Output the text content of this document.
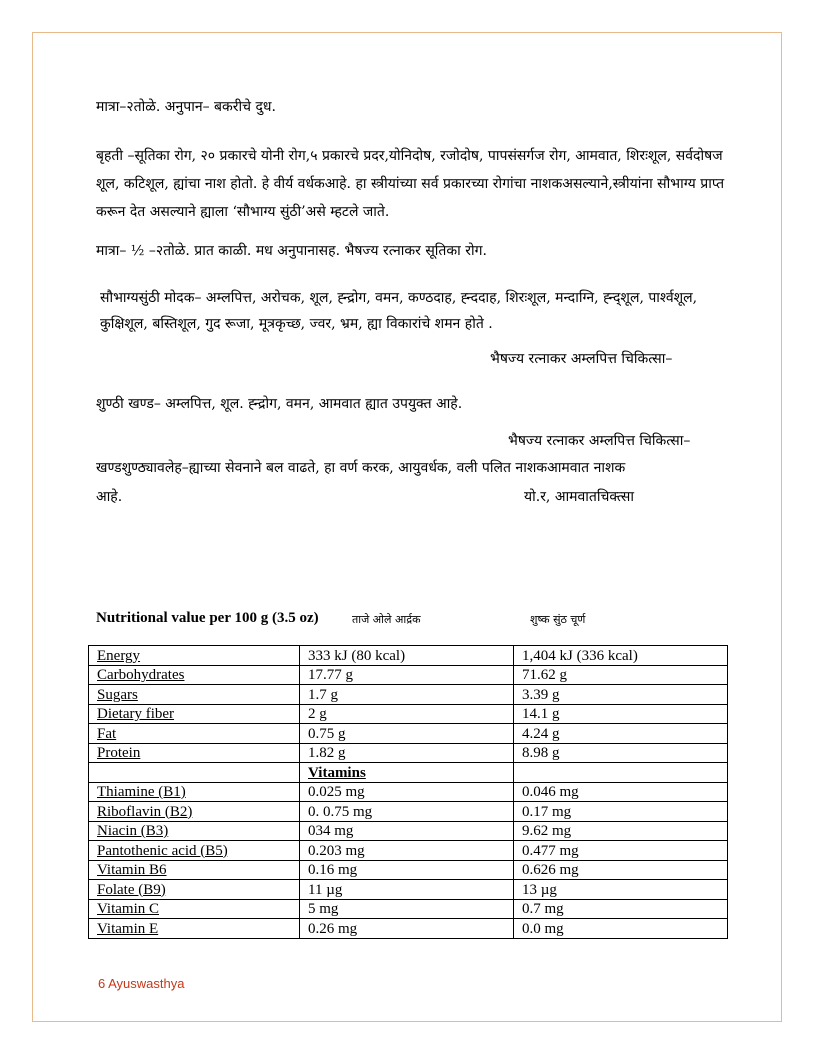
मात्रा–२तोळे. अनुपान– बकरीचे दुध.

बृहती –सूतिका रोग, २० प्रकारचे योनी रोग,५ प्रकारचे प्रदर,योनिदोष, रजोदोष, पापसंसर्गज रोग, आमवात, शिरःशूल, सर्वदोषज शूल, कटिशूल, ह्यांचा नाश होतो. हे वीर्य वर्धकआहे. हा स्त्रीयांच्या सर्व प्रकारच्या रोगांचा नाशकअसल्याने,स्त्रीयांना सौभाग्य प्राप्त करून देत असल्याने ह्याला ‘सौभाग्य सुंठी’असे म्हटले जाते.

मात्रा– ½ –२तोळे. प्रात काळी. मध अनुपानासह. भैषज्य रत्नाकर सूतिका रोग.

सौभाग्यसुंठी मोदक– अम्लपित्त, अरोचक, शूल, ह्न्द्रोग, वमन, कण्ठदाह, ह्न्ददाह, शिरःशूल, मन्दाग्नि, ह्न्द्शूल, पार्श्वशूल, कुक्षिशूल, बस्तिशूल, गुद रूजा, मूत्रकृच्छ, ज्वर, भ्रम, ह्या विकारांचे शमन होते .

भैषज्य रत्नाकर अम्लपित्त चिकित्सा–
शुण्ठी खण्ड– अम्लपित्त, शूल. ह्न्द्रोग, वमन, आमवात ह्यात उपयुक्त आहे.
भैषज्य रत्नाकर अम्लपित्त चिकित्सा–
खण्डशुण्ठ्यावलेह–ह्याच्या सेवनाने बल वाढते, हा वर्ण करक, आयुवर्धक, वली पलित नाशकआमवात नाशक
आहे.	यो.र, आमवातचिक्त्सा
Nutritional value per 100 g (3.5 oz)	ताजे ओले आर्द्रक	शुष्क सुंठ चूर्ण
Energy	333 kJ (80 kcal)	1,404 kJ (336 kcal)
Carbohydrates	17.77 g	71.62 g
Sugars	1.7 g	3.39 g
Dietary fiber	2 g	14.1 g
Fat	0.75 g	4.24 g
Protein	1.82 g	8.98 g
	Vitamins	
Thiamine (B1)	0.025 mg	0.046 mg
Riboflavin (B2)	0. 0.75 mg	0.17 mg
Niacin (B3)	034 mg	9.62 mg
Pantothenic acid (B5)	0.203 mg	0.477 mg
Vitamin B6	0.16 mg	0.626 mg
Folate (B9)	11 µg	13 µg
Vitamin C	5 mg	0.7 mg
Vitamin E	0.26 mg	0.0 mg
6 Ayuswasthya
